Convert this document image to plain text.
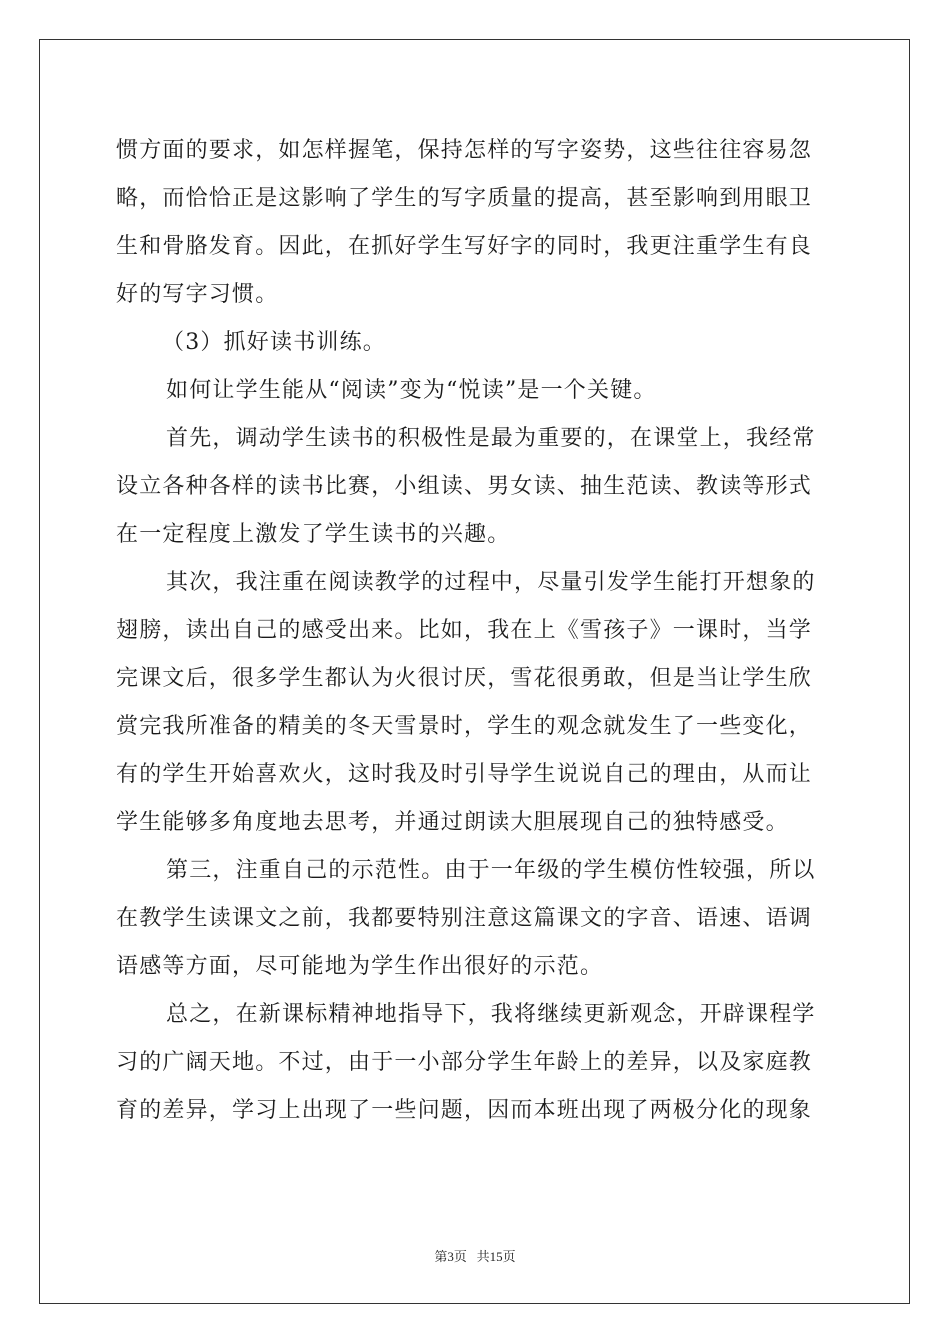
惯方面的要求，如怎样握笔，保持怎样的写字姿势，这些往往容易忽
略，而恰恰正是这影响了学生的写字质量的提高，甚至影响到用眼卫
生和骨胳发育。因此，在抓好学生写好字的同时，我更注重学生有良
好的写字习惯。
（3）抓好读书训练。
如何让学生能从“阅读”变为“悦读”是一个关键。
首先，调动学生读书的积极性是最为重要的，在课堂上，我经常
设立各种各样的读书比赛，小组读、男女读、抽生范读、教读等形式
在一定程度上激发了学生读书的兴趣。
其次，我注重在阅读教学的过程中，尽量引发学生能打开想象的
翅膀，读出自己的感受出来。比如，我在上《雪孩子》一课时，当学
完课文后，很多学生都认为火很讨厌，雪花很勇敢，但是当让学生欣
赏完我所准备的精美的冬天雪景时，学生的观念就发生了一些变化，
有的学生开始喜欢火，这时我及时引导学生说说自己的理由，从而让
学生能够多角度地去思考，并通过朗读大胆展现自己的独特感受。
第三，注重自己的示范性。由于一年级的学生模仿性较强，所以
在教学生读课文之前，我都要特别注意这篇课文的字音、语速、语调
语感等方面，尽可能地为学生作出很好的示范。
总之，在新课标精神地指导下，我将继续更新观念，开辟课程学
习的广阔天地。不过，由于一小部分学生年龄上的差异，以及家庭教
育的差异，学习上出现了一些问题，因而本班出现了两极分化的现象
第3页 共15页
